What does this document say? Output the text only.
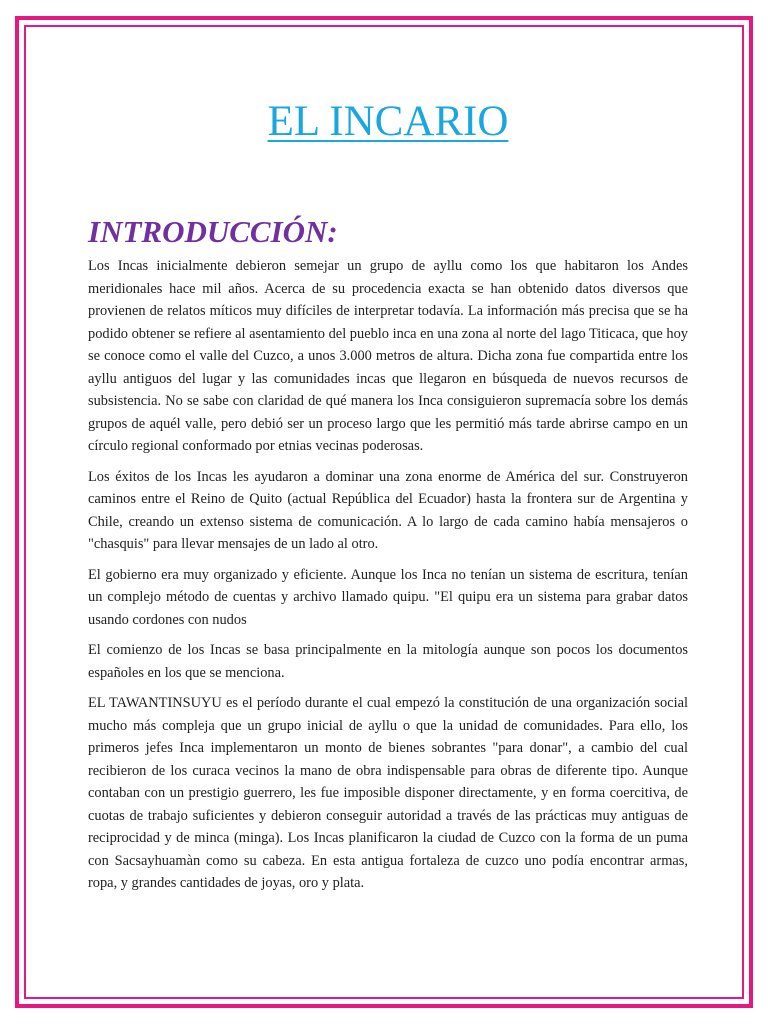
EL INCARIO
INTRODUCCIÓN:

Los Incas inicialmente debieron semejar un grupo de ayllu como los que habitaron los Andes meridionales hace mil años. Acerca de su procedencia exacta se han obtenido datos diversos que provienen de relatos míticos muy difíciles de interpretar todavía. La información más precisa que se ha podido obtener se refiere al asentamiento del pueblo inca en una zona al norte del lago Titicaca, que hoy se conoce como el valle del Cuzco, a unos 3.000 metros de altura. Dicha zona fue compartida entre los ayllu antiguos del lugar y las comunidades incas que llegaron en búsqueda de nuevos recursos de subsistencia. No se sabe con claridad de qué manera los Inca consiguieron supremacía sobre los demás grupos de aquél valle, pero debió ser un proceso largo que les permitió más tarde abrirse campo en un círculo regional conformado por etnias vecinas poderosas.

Los éxitos de los Incas les ayudaron a dominar una zona enorme de América del sur. Construyeron caminos entre el Reino de Quito (actual República del Ecuador) hasta la frontera sur de Argentina y Chile, creando un extenso sistema de comunicación. A lo largo de cada camino había mensajeros o "chasquis" para llevar mensajes de un lado al otro.

El gobierno era muy organizado y eficiente. Aunque los Inca no tenían un sistema de escritura, tenían un complejo método de cuentas y archivo llamado quipu. "El quipu era un sistema para grabar datos usando cordones con nudos

El comienzo de los Incas se basa principalmente en la mitología aunque son pocos los documentos españoles en los que se menciona.

EL TAWANTINSUYU es el período durante el cual empezó la constitución de una organización social mucho más compleja que un grupo inicial de ayllu o que la unidad de comunidades. Para ello, los primeros jefes Inca implementaron un monto de bienes sobrantes "para donar", a cambio del cual recibieron de los curaca vecinos la mano de obra indispensable para obras de diferente tipo. Aunque contaban con un prestigio guerrero, les fue imposible disponer directamente, y en forma coercitiva, de cuotas de trabajo suficientes y debieron conseguir autoridad a través de las prácticas muy antiguas de reciprocidad y de minca (minga). Los Incas planificaron la ciudad de Cuzco con la forma de un puma con Sacsayhuamàn como su cabeza. En esta antigua fortaleza de cuzco uno podía encontrar armas, ropa, y grandes cantidades de joyas, oro y plata.
